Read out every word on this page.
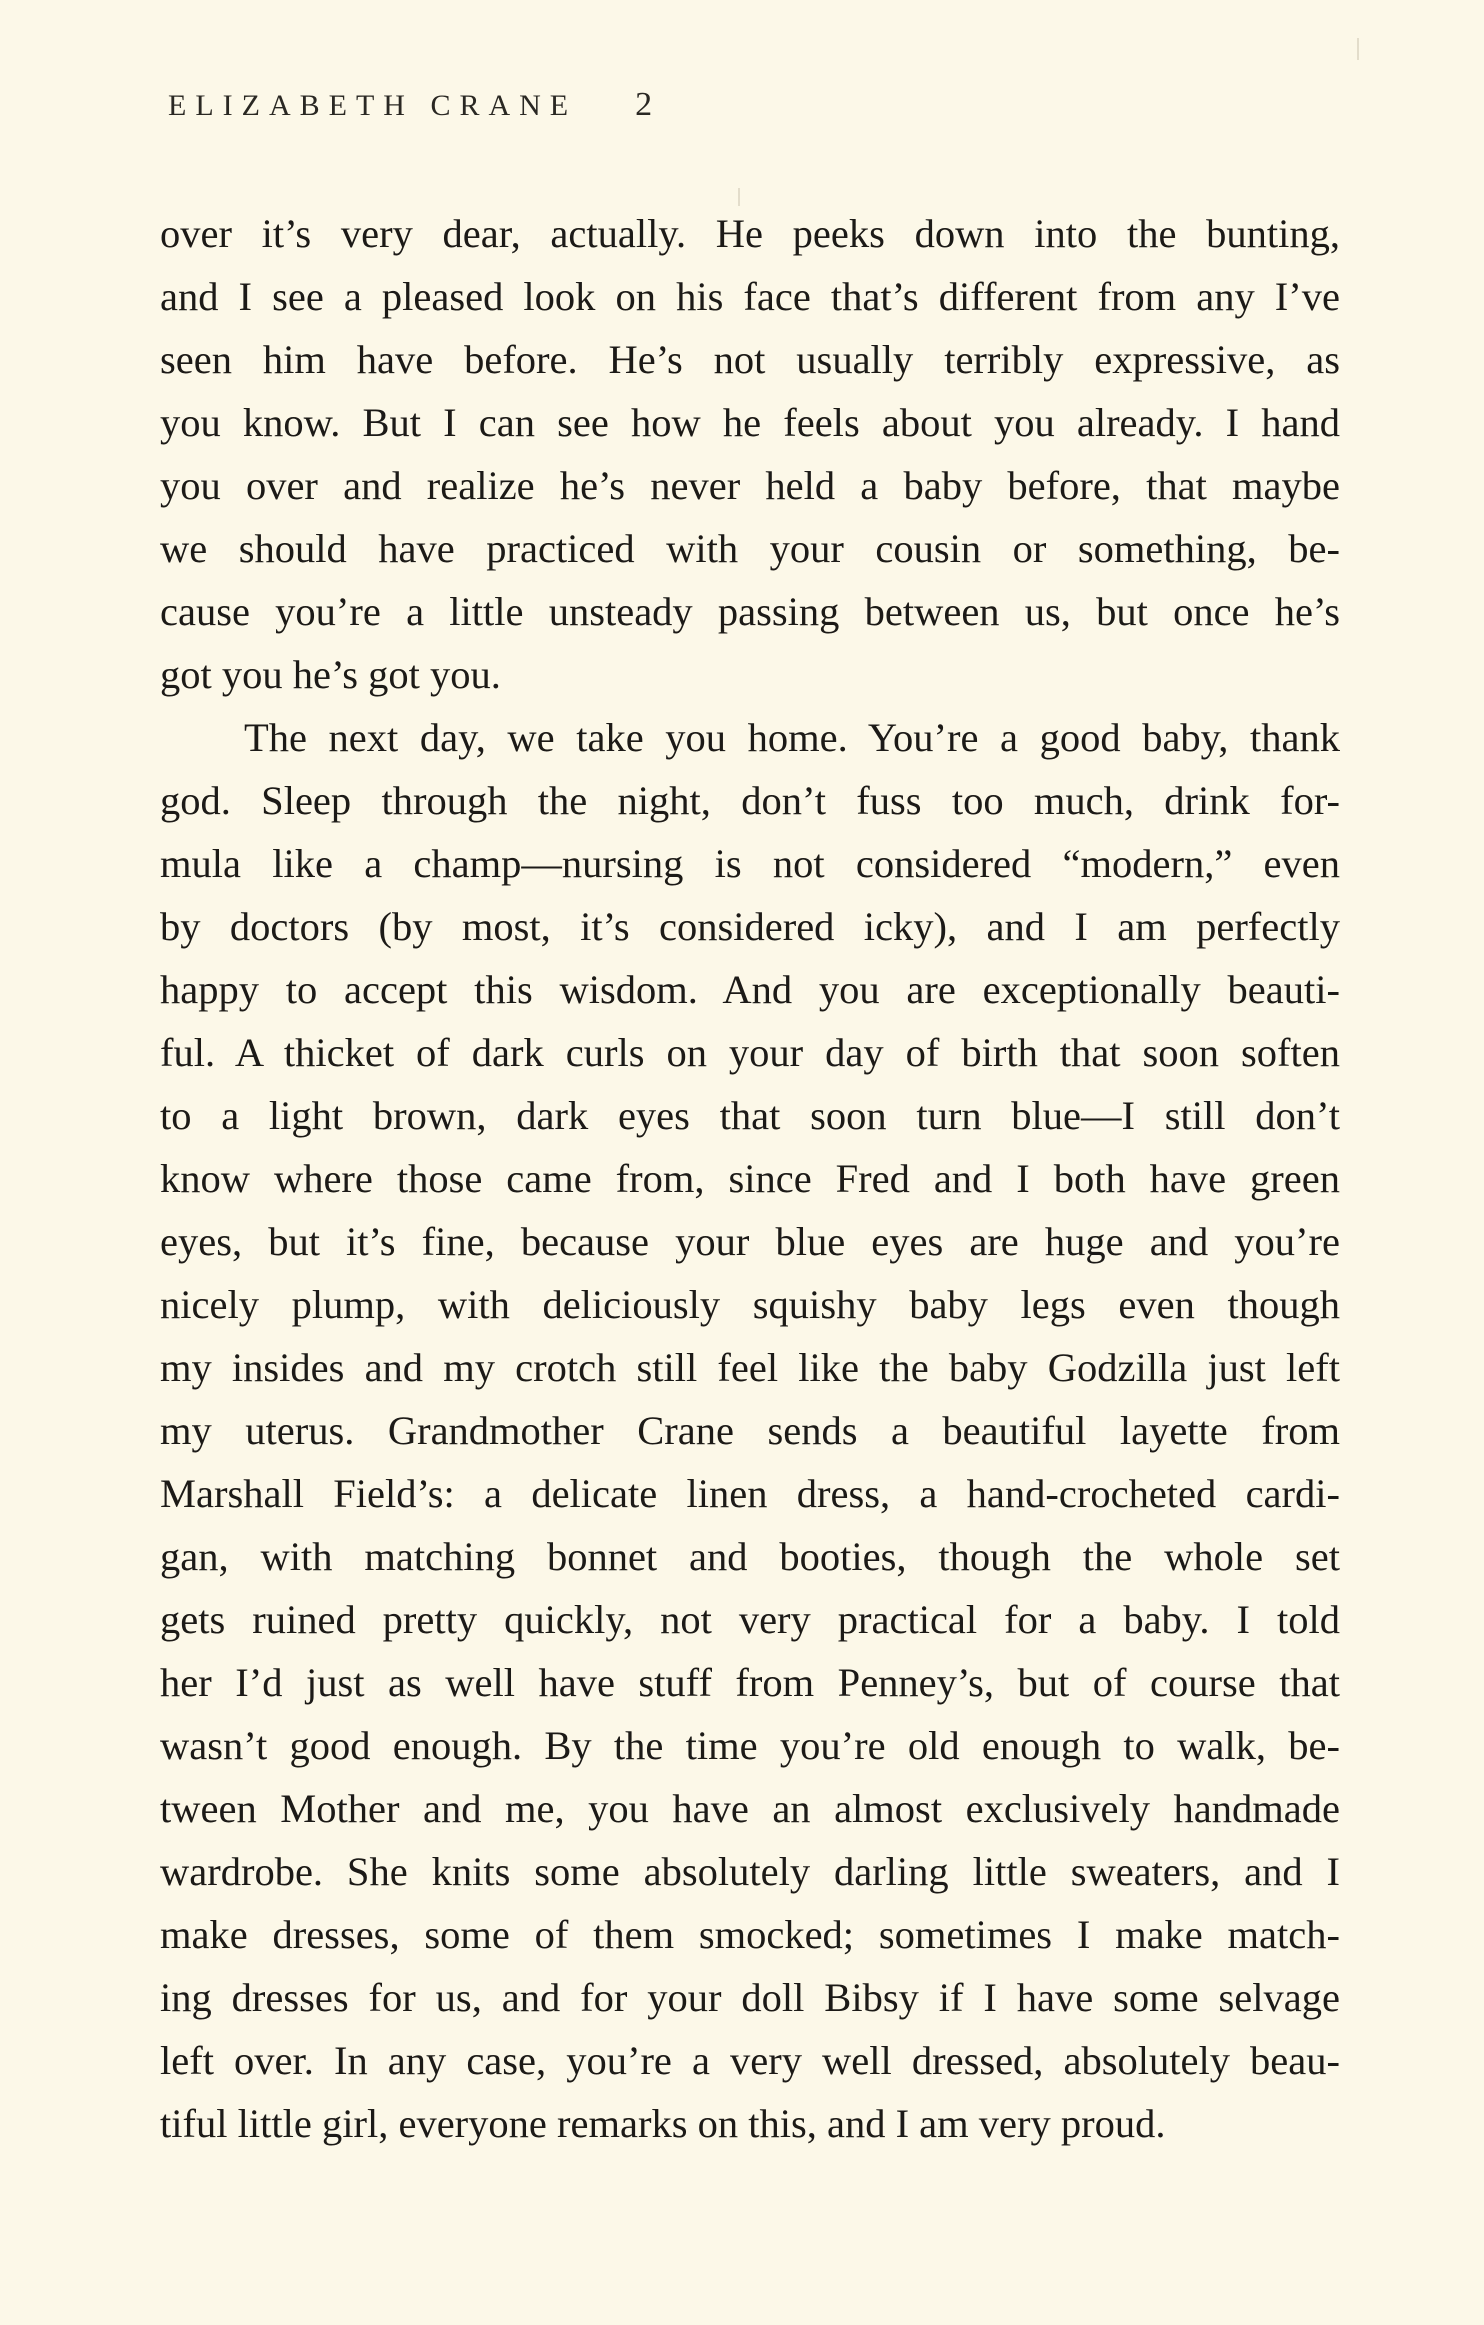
ELIZABETH CRANE 2
over it’s very dear, actually. He peeks down into the bunting,
and I see a pleased look on his face that’s different from any I’ve
seen him have before. He’s not usually terribly expressive, as
you know. But I can see how he feels about you already. I hand
you over and realize he’s never held a baby before, that maybe
we should have practiced with your cousin or something, be-
cause you’re a little unsteady passing between us, but once he’s
got you he’s got you.
The next day, we take you home. You’re a good baby, thank
god. Sleep through the night, don’t fuss too much, drink for-
mula like a champ—nursing is not considered “modern,” even
by doctors (by most, it’s considered icky), and I am perfectly
happy to accept this wisdom. And you are exceptionally beauti-
ful. A thicket of dark curls on your day of birth that soon soften
to a light brown, dark eyes that soon turn blue—I still don’t
know where those came from, since Fred and I both have green
eyes, but it’s fine, because your blue eyes are huge and you’re
nicely plump, with deliciously squishy baby legs even though
my insides and my crotch still feel like the baby Godzilla just left
my uterus. Grandmother Crane sends a beautiful layette from
Marshall Field’s: a delicate linen dress, a hand-crocheted cardi-
gan, with matching bonnet and booties, though the whole set
gets ruined pretty quickly, not very practical for a baby. I told
her I’d just as well have stuff from Penney’s, but of course that
wasn’t good enough. By the time you’re old enough to walk, be-
tween Mother and me, you have an almost exclusively handmade
wardrobe. She knits some absolutely darling little sweaters, and I
make dresses, some of them smocked; sometimes I make match-
ing dresses for us, and for your doll Bibsy if I have some selvage
left over. In any case, you’re a very well dressed, absolutely beau-
tiful little girl, everyone remarks on this, and I am very proud.
